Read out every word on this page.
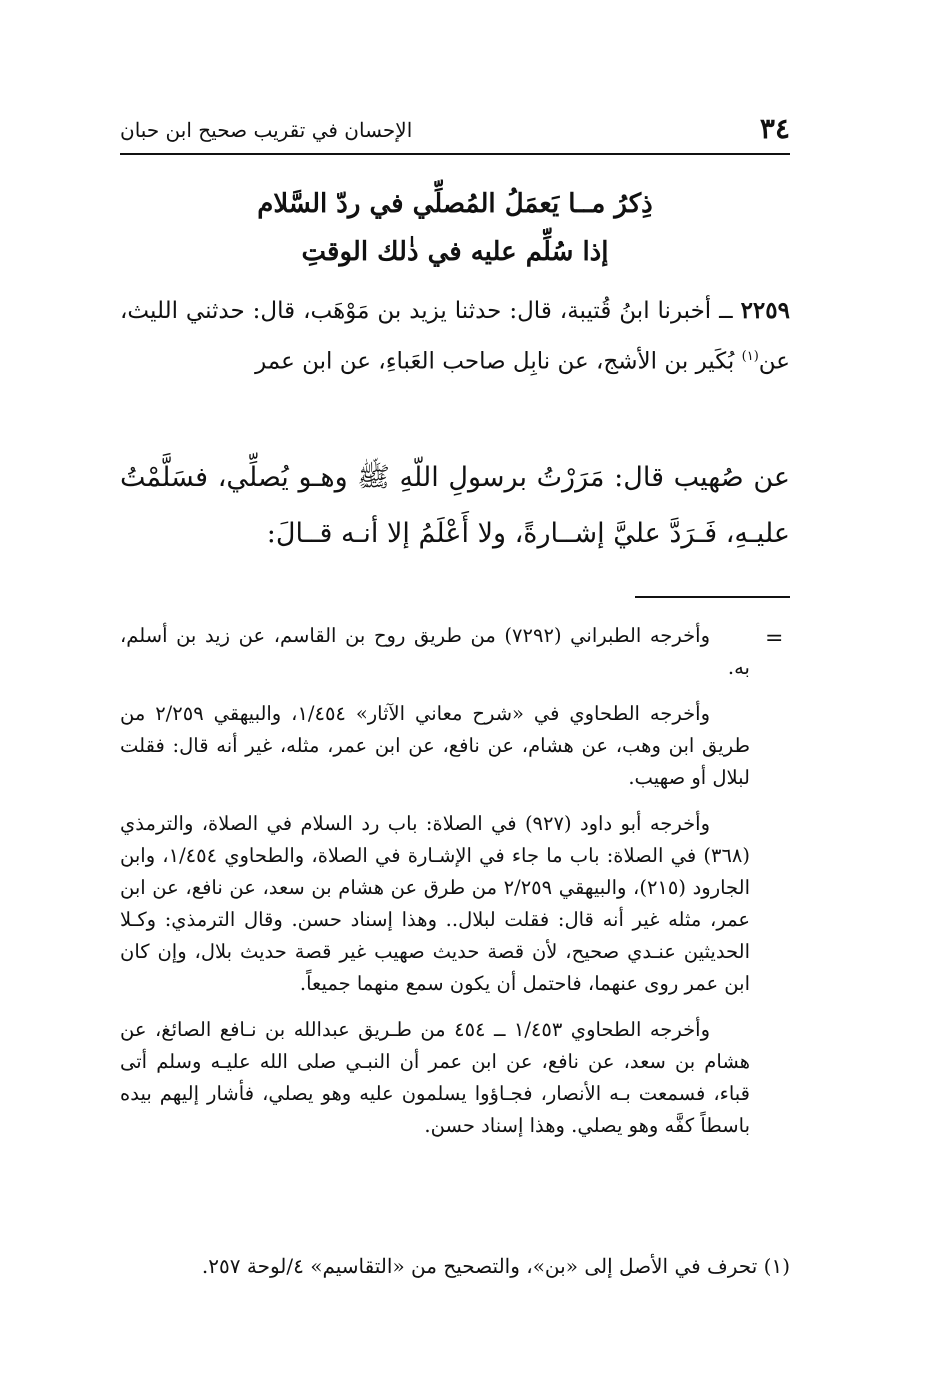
٣٤
الإحسان في تقريب صحيح ابن حبان
ذِكرُ مــا يَعمَلُ المُصلِّي في ردّ السَّلام
إذا سُلِّم عليه في ذٰلك الوقتِ
٢٢٥٩ ــ أخبرنا ابنُ قُتيبة، قال: حدثنا يزيد بن مَوْهَب، قال: حدثني الليث، عن$^{(١)}$ بُكَير بن الأشج، عن نابِل صاحب العَباءِ، عن ابن عمر
عن صُهيب قال: مَرَرْتُ برسولِ اللّهِ ﷺ وهـو يُصلِّي، فسَلَّمْتُ عليـهِ، فَـرَدَّ عليَّ إشــارةً، ولا أَعْلَمُ إلا أنـه قــالَ:
=

وأخرجه الطبراني (٧٢٩٢) من طريق روح بن القاسم، عن زيد بن أسلم، به.

وأخرجه الطحاوي في «شرح معاني الآثار» ١/٤٥٤، والبيهقي ٢/٢٥٩ من طريق ابن وهب، عن هشام، عن نافع، عن ابن عمر، مثله، غير أنه قال: فقلت لبلال أو صهيب.

وأخرجه أبو داود (٩٢٧) في الصلاة: باب رد السلام في الصلاة، والترمذي (٣٦٨) في الصلاة: باب ما جاء في الإشـارة في الصلاة، والطحاوي ١/٤٥٤، وابن الجارود (٢١٥)، والبيهقي ٢/٢٥٩ من طرق عن هشام بن سعد، عن نافع، عن ابن عمر، مثله غير أنه قال: فقلت لبلال.. وهذا إسناد حسن. وقال الترمذي: وكـلا الحديثين عنـدي صحيح، لأن قصة حديث صهيب غير قصة حديث بلال، وإن كان ابن عمر روى عنهما، فاحتمل أن يكون سمع منهما جميعاً.

وأخرجه الطحاوي ١/٤٥٣ ــ ٤٥٤ من طـريق عبدالله بن نـافع الصائغ، عن هشام بن سعد، عن نافع، عن ابن عمر أن النبـي صلى الله عليـه وسلم أتى قباء، فسمعت بـه الأنصار، فجـاؤوا يسلمون عليه وهو يصلي، فأشار إليهم بيده باسطاً كفَّه وهو يصلي. وهذا إسناد حسن.

(١) تحرف في الأصل إلى «بن»، والتصحيح من «التقاسيم» ٤/لوحة ٢٥٧.
